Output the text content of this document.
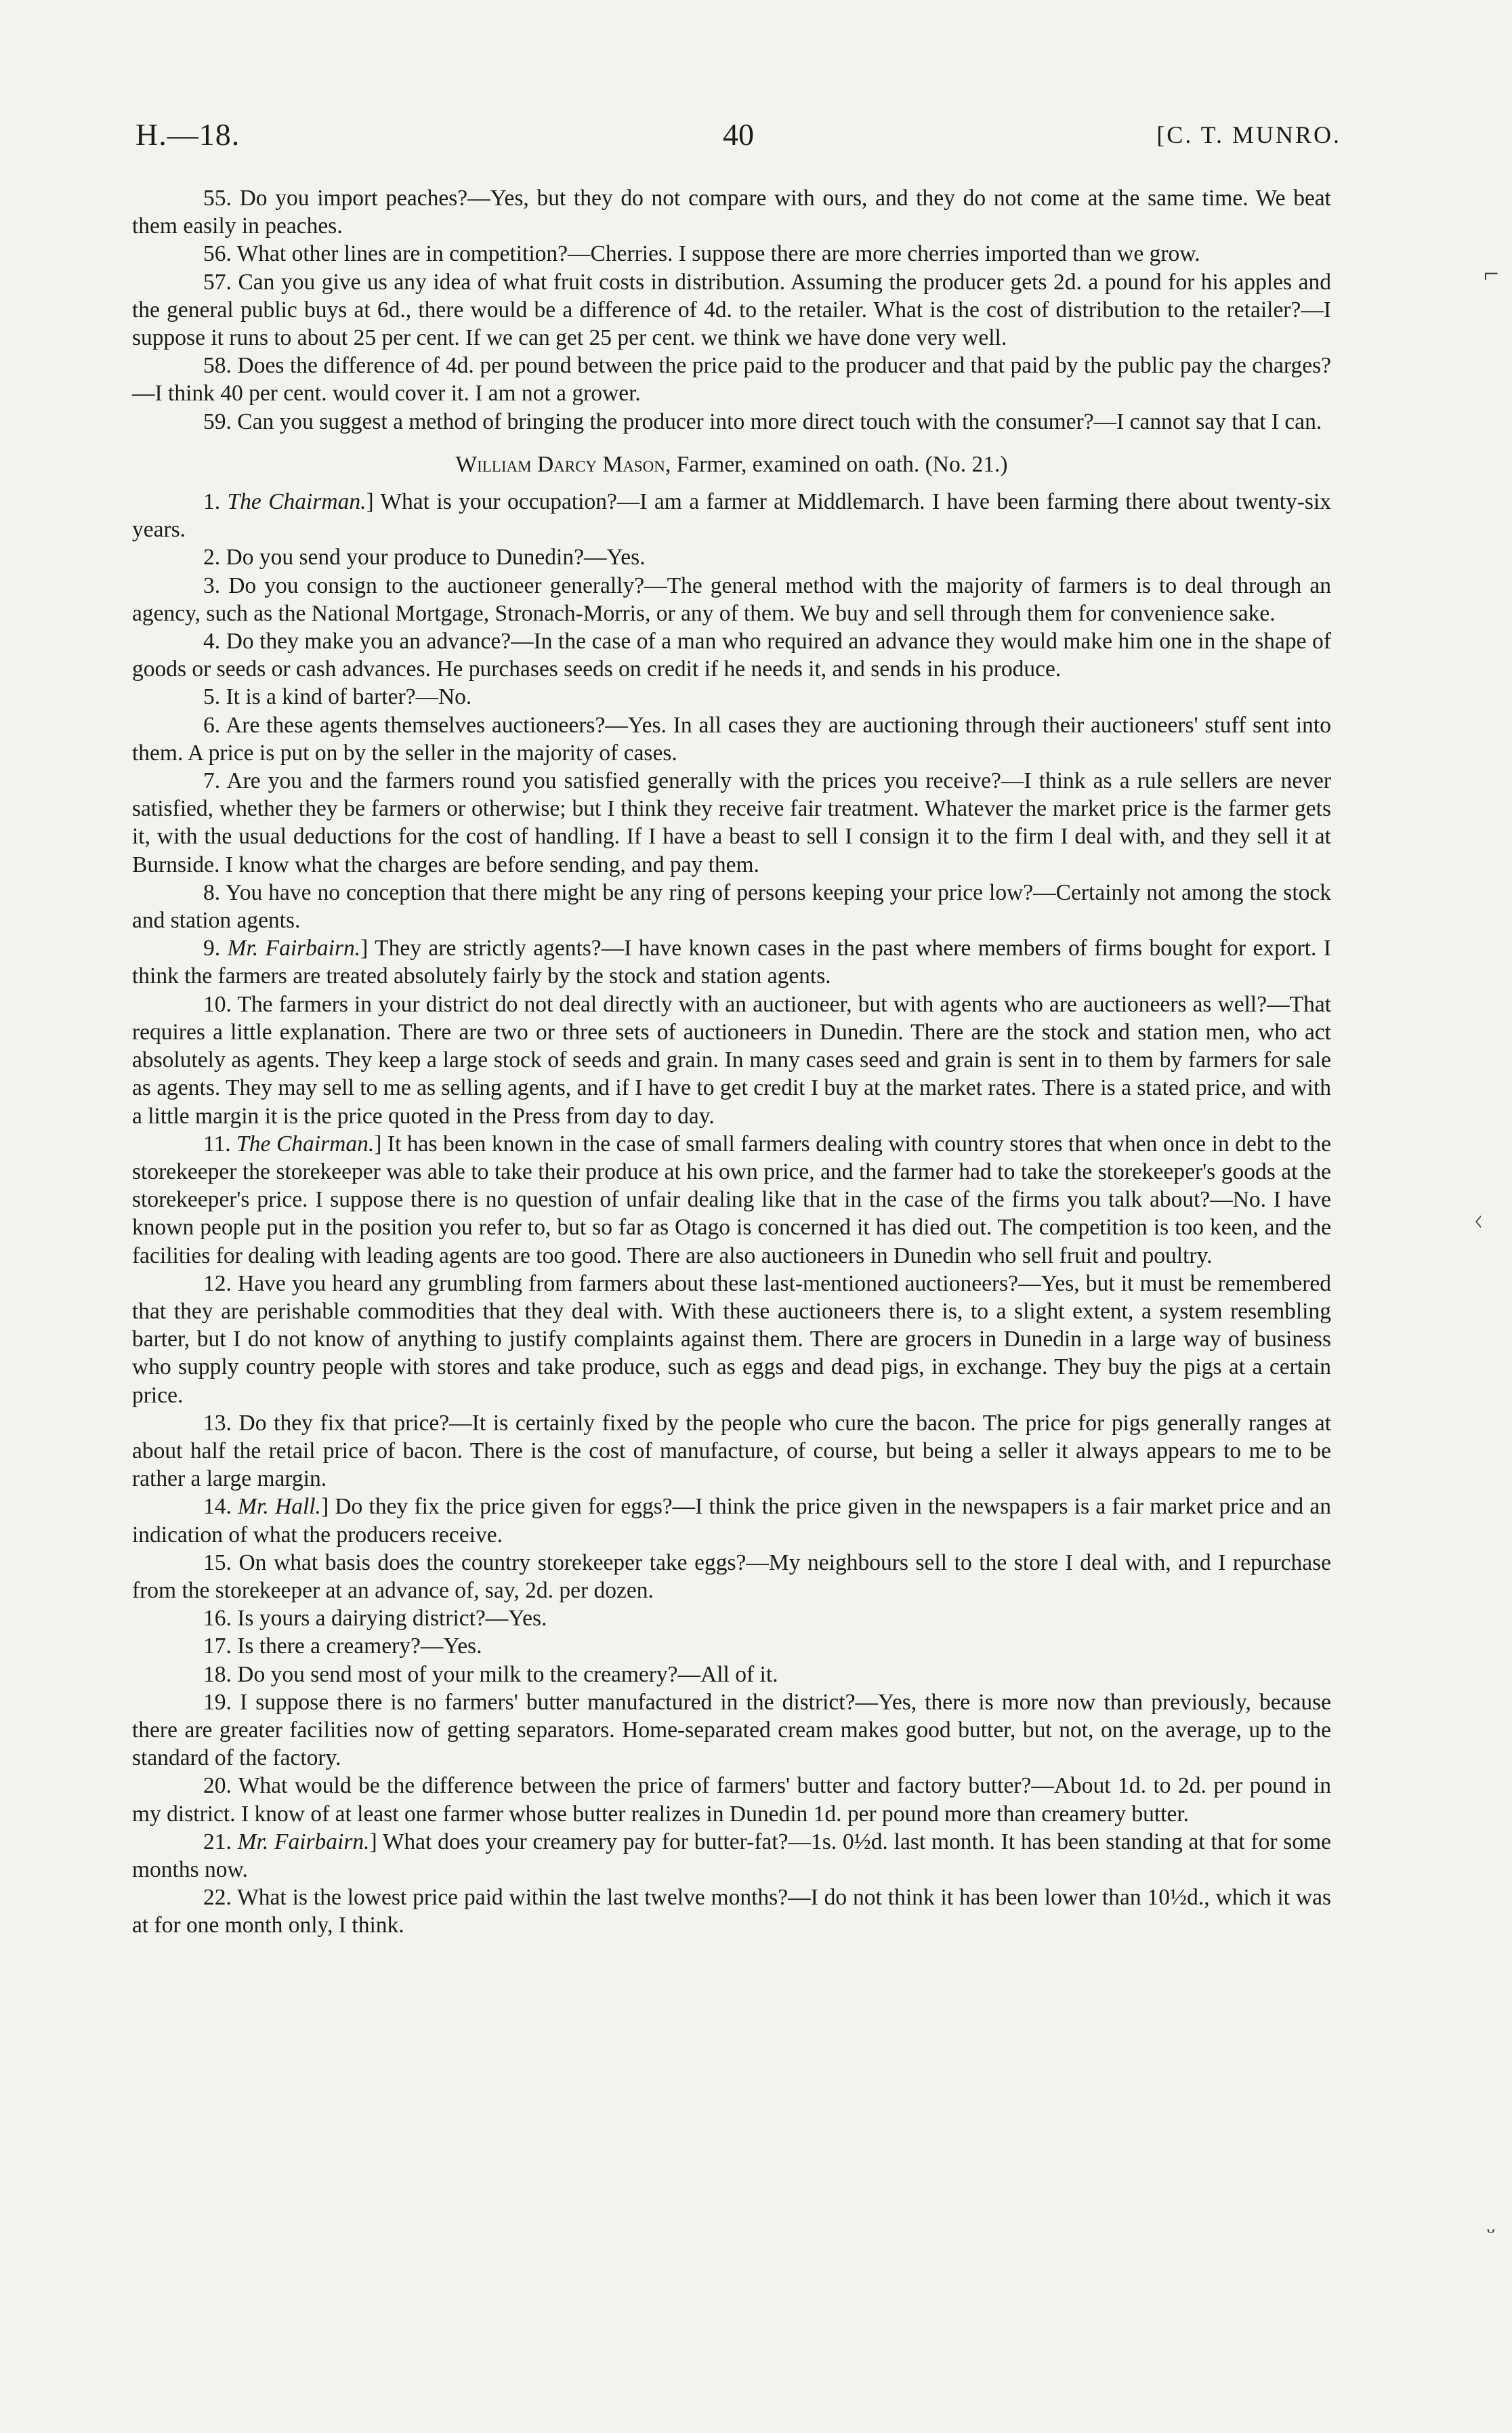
H.—18.	40	[C. T. MUNRO.

55. Do you import peaches?—Yes, but they do not compare with ours, and they do not come at the same time. We beat them easily in peaches.

56. What other lines are in competition?—Cherries. I suppose there are more cherries imported than we grow.

57. Can you give us any idea of what fruit costs in distribution. Assuming the producer gets 2d. a pound for his apples and the general public buys at 6d., there would be a difference of 4d. to the retailer. What is the cost of distribution to the retailer?—I suppose it runs to about 25 per cent. If we can get 25 per cent. we think we have done very well.

58. Does the difference of 4d. per pound between the price paid to the producer and that paid by the public pay the charges?—I think 40 per cent. would cover it. I am not a grower.

59. Can you suggest a method of bringing the producer into more direct touch with the consumer?—I cannot say that I can.

William Darcy Mason, Farmer, examined on oath. (No. 21.)

1. The Chairman.] What is your occupation?—I am a farmer at Middlemarch. I have been farming there about twenty-six years.

2. Do you send your produce to Dunedin?—Yes.

3. Do you consign to the auctioneer generally?—The general method with the majority of farmers is to deal through an agency, such as the National Mortgage, Stronach-Morris, or any of them. We buy and sell through them for convenience sake.

4. Do they make you an advance?—In the case of a man who required an advance they would make him one in the shape of goods or seeds or cash advances. He purchases seeds on credit if he needs it, and sends in his produce.

5. It is a kind of barter?—No.

6. Are these agents themselves auctioneers?—Yes. In all cases they are auctioning through their auctioneers' stuff sent into them. A price is put on by the seller in the majority of cases.

7. Are you and the farmers round you satisfied generally with the prices you receive?—I think as a rule sellers are never satisfied, whether they be farmers or otherwise; but I think they receive fair treatment. Whatever the market price is the farmer gets it, with the usual deductions for the cost of handling. If I have a beast to sell I consign it to the firm I deal with, and they sell it at Burnside. I know what the charges are before sending, and pay them.

8. You have no conception that there might be any ring of persons keeping your price low?—Certainly not among the stock and station agents.

9. Mr. Fairbairn.] They are strictly agents?—I have known cases in the past where members of firms bought for export. I think the farmers are treated absolutely fairly by the stock and station agents.

10. The farmers in your district do not deal directly with an auctioneer, but with agents who are auctioneers as well?—That requires a little explanation. There are two or three sets of auctioneers in Dunedin. There are the stock and station men, who act absolutely as agents. They keep a large stock of seeds and grain. In many cases seed and grain is sent in to them by farmers for sale as agents. They may sell to me as selling agents, and if I have to get credit I buy at the market rates. There is a stated price, and with a little margin it is the price quoted in the Press from day to day.

11. The Chairman.] It has been known in the case of small farmers dealing with country stores that when once in debt to the storekeeper the storekeeper was able to take their produce at his own price, and the farmer had to take the storekeeper's goods at the storekeeper's price. I suppose there is no question of unfair dealing like that in the case of the firms you talk about?—No. I have known people put in the position you refer to, but so far as Otago is concerned it has died out. The competition is too keen, and the facilities for dealing with leading agents are too good. There are also auctioneers in Dunedin who sell fruit and poultry.

12. Have you heard any grumbling from farmers about these last-mentioned auctioneers?—Yes, but it must be remembered that they are perishable commodities that they deal with. With these auctioneers there is, to a slight extent, a system resembling barter, but I do not know of anything to justify complaints against them. There are grocers in Dunedin in a large way of business who supply country people with stores and take produce, such as eggs and dead pigs, in exchange. They buy the pigs at a certain price.

13. Do they fix that price?—It is certainly fixed by the people who cure the bacon. The price for pigs generally ranges at about half the retail price of bacon. There is the cost of manufacture, of course, but being a seller it always appears to me to be rather a large margin.

14. Mr. Hall.] Do they fix the price given for eggs?—I think the price given in the newspapers is a fair market price and an indication of what the producers receive.

15. On what basis does the country storekeeper take eggs?—My neighbours sell to the store I deal with, and I repurchase from the storekeeper at an advance of, say, 2d. per dozen.

16. Is yours a dairying district?—Yes.

17. Is there a creamery?—Yes.

18. Do you send most of your milk to the creamery?—All of it.

19. I suppose there is no farmers' butter manufactured in the district?—Yes, there is more now than previously, because there are greater facilities now of getting separators. Home-separated cream makes good butter, but not, on the average, up to the standard of the factory.

20. What would be the difference between the price of farmers' butter and factory butter?—About 1d. to 2d. per pound in my district. I know of at least one farmer whose butter realizes in Dunedin 1d. per pound more than creamery butter.

21. Mr. Fairbairn.] What does your creamery pay for butter-fat?—1s. 0½d. last month. It has been standing at that for some months now.

22. What is the lowest price paid within the last twelve months?—I do not think it has been lower than 10½d., which it was at for one month only, I think.

⌐
ᚲ
ᵕ
